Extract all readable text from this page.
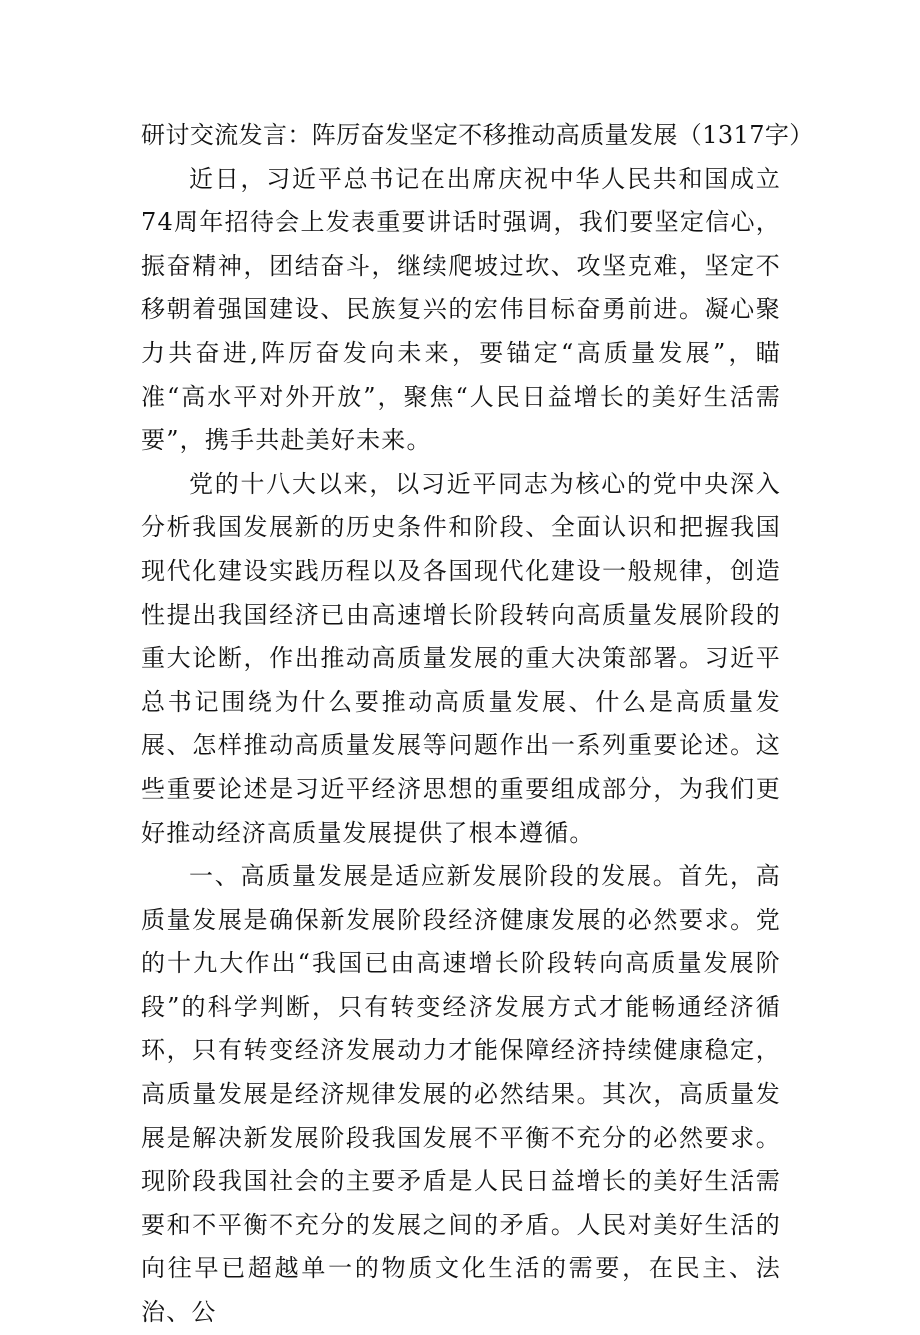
研讨交流发言：阵厉奋发坚定不移推动高质量发展（1317字）

近日，习近平总书记在出席庆祝中华人民共和国成立74周年招待会上发表重要讲话时强调，我们要坚定信心，振奋精神，团结奋斗，继续爬坡过坎、攻坚克难，坚定不移朝着强国建设、民族复兴的宏伟目标奋勇前进。凝心聚力共奋进,阵厉奋发向未来，要锚定“高质量发展”，瞄准“高水平对外开放”，聚焦“人民日益增长的美好生活需要”，携手共赴美好未来。

党的十八大以来，以习近平同志为核心的党中央深入分析我国发展新的历史条件和阶段、全面认识和把握我国现代化建设实践历程以及各国现代化建设一般规律，创造性提出我国经济已由高速增长阶段转向高质量发展阶段的重大论断，作出推动高质量发展的重大决策部署。习近平总书记围绕为什么要推动高质量发展、什么是高质量发展、怎样推动高质量发展等问题作出一系列重要论述。这些重要论述是习近平经济思想的重要组成部分，为我们更好推动经济高质量发展提供了根本遵循。

一、高质量发展是适应新发展阶段的发展。首先，高质量发展是确保新发展阶段经济健康发展的必然要求。党的十九大作出“我国已由高速增长阶段转向高质量发展阶段”的科学判断，只有转变经济发展方式才能畅通经济循环，只有转变经济发展动力才能保障经济持续健康稳定，高质量发展是经济规律发展的必然结果。其次，高质量发展是解决新发展阶段我国发展不平衡不充分的必然要求。现阶段我国社会的主要矛盾是人民日益增长的美好生活需要和不平衡不充分的发展之间的矛盾。人民对美好生活的向往早已超越单一的物质文化生活的需要，在民主、法治、公
